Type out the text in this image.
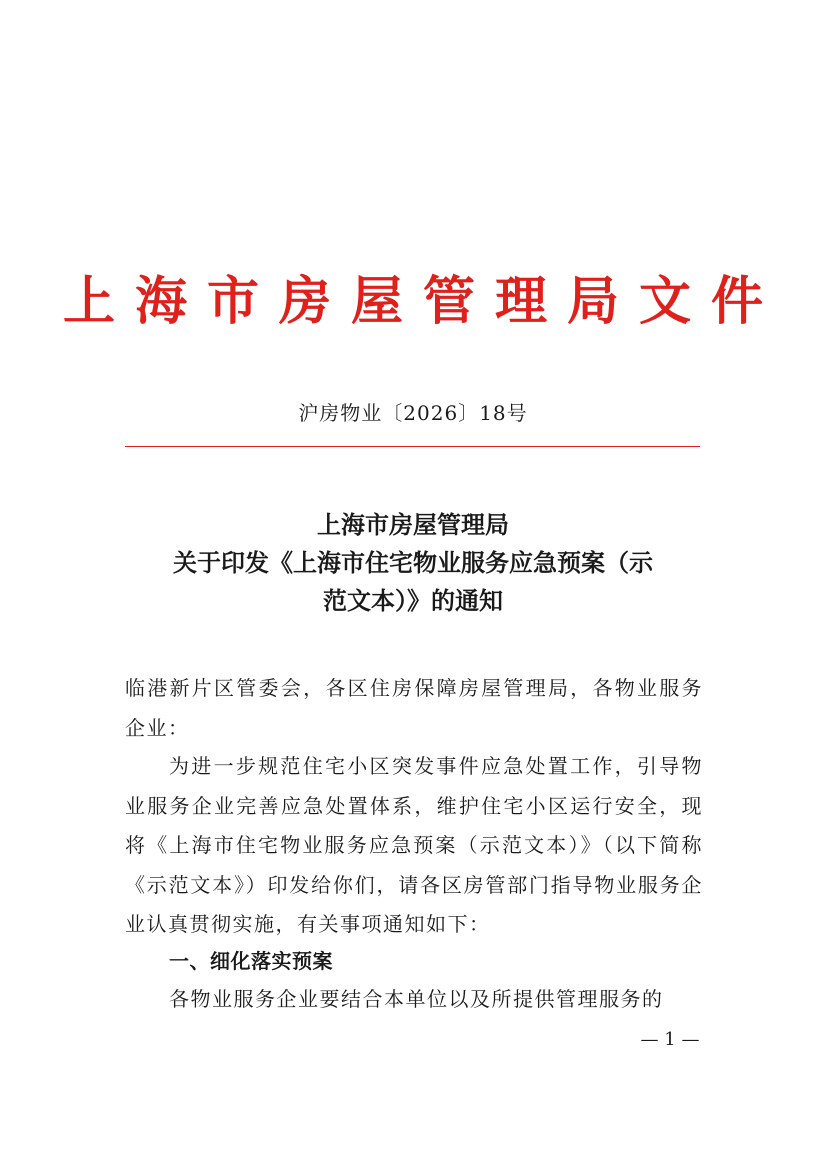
上海市房屋管理局文件
沪房物业〔2026〕18号
上海市房屋管理局
关于印发《上海市住宅物业服务应急预案（示
范文本）》的通知
临港新片区管委会，各区住房保障房屋管理局，各物业服务企业：
为进一步规范住宅小区突发事件应急处置工作，引导物业服务企业完善应急处置体系，维护住宅小区运行安全，现将《上海市住宅物业服务应急预案（示范文本）》（以下简称《示范文本》）印发给你们，请各区房管部门指导物业服务企业认真贯彻实施，有关事项通知如下：
一、细化落实预案
各物业服务企业要结合本单位以及所提供管理服务的
— 1 —
